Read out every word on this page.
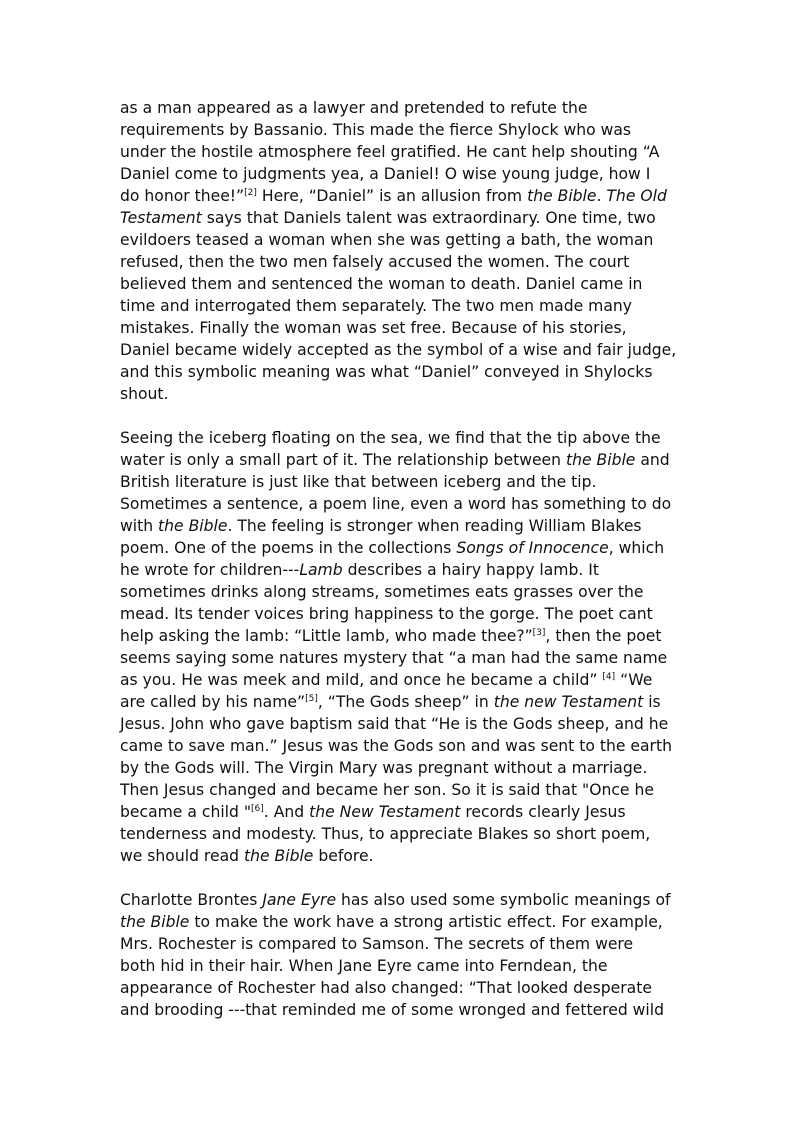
as a man appeared as a lawyer and pretended to refute the
requirements by Bassanio. This made the fierce Shylock who was
under the hostile atmosphere feel gratified. He cant help shouting “A
Daniel come to judgments yea, a Daniel! O wise young judge, how I
do honor thee!”[2] Here, “Daniel” is an allusion from the Bible. The Old
Testament says that Daniels talent was extraordinary. One time, two
evildoers teased a woman when she was getting a bath, the woman
refused, then the two men falsely accused the women. The court
believed them and sentenced the woman to death. Daniel came in
time and interrogated them separately. The two men made many
mistakes. Finally the woman was set free. Because of his stories,
Daniel became widely accepted as the symbol of a wise and fair judge,
and this symbolic meaning was what “Daniel” conveyed in Shylocks
shout.

Seeing the iceberg floating on the sea, we find that the tip above the
water is only a small part of it. The relationship between the Bible and
British literature is just like that between iceberg and the tip.
Sometimes a sentence, a poem line, even a word has something to do
with the Bible. The feeling is stronger when reading William Blakes
poem. One of the poems in the collections Songs of Innocence, which
he wrote for children---Lamb describes a hairy happy lamb. It
sometimes drinks along streams, sometimes eats grasses over the
mead. Its tender voices bring happiness to the gorge. The poet cant
help asking the lamb: “Little lamb, who made thee?”[3], then the poet
seems saying some natures mystery that “a man had the same name
as you. He was meek and mild, and once he became a child” [4] “We
are called by his name”[5], “The Gods sheep” in the new Testament is
Jesus. John who gave baptism said that “He is the Gods sheep, and he
came to save man.” Jesus was the Gods son and was sent to the earth
by the Gods will. The Virgin Mary was pregnant without a marriage.
Then Jesus changed and became her son. So it is said that "Once he
became a child "[6]. And the New Testament records clearly Jesus
tenderness and modesty. Thus, to appreciate Blakes so short poem,
we should read the Bible before.

Charlotte Brontes Jane Eyre has also used some symbolic meanings of
the Bible to make the work have a strong artistic effect. For example,
Mrs. Rochester is compared to Samson. The secrets of them were
both hid in their hair. When Jane Eyre came into Ferndean, the
appearance of Rochester had also changed: “That looked desperate
and brooding ---that reminded me of some wronged and fettered wild
